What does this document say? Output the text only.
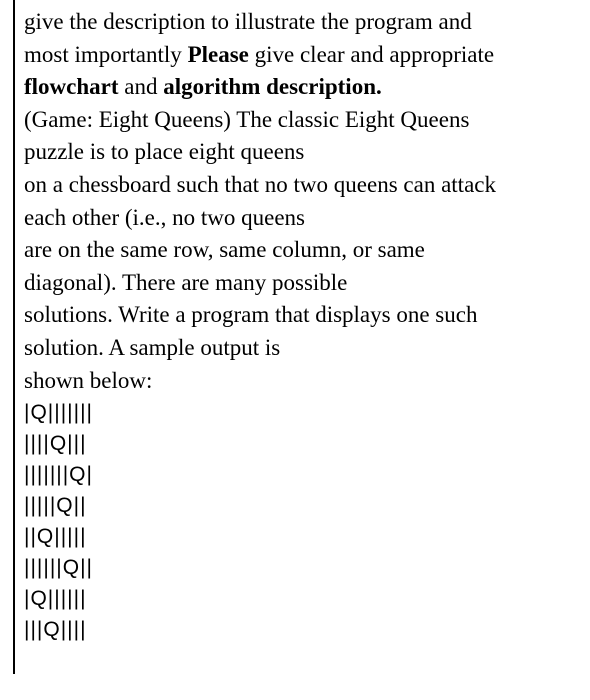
give the description to illustrate the program and
most importantly Please give clear and appropriate
flowchart and algorithm description.
(Game: Eight Queens) The classic Eight Queens
puzzle is to place eight queens
on a chessboard such that no two queens can attack
each other (i.e., no two queens
are on the same row, same column, or same
diagonal). There are many possible
solutions. Write a program that displays one such
solution. A sample output is
shown below:
|Q|||||||
||||Q|||
|||||||Q|
|||||Q||
||Q|||||
||||||Q||
|Q||||||
|||Q||||
